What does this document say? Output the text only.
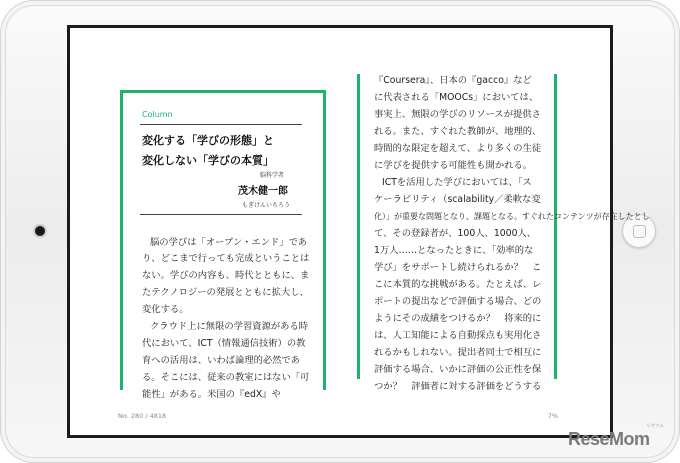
Column
変化する「学びの形態」と
変化しない「学びの本質」
脳科学者
茂木健一郎
もぎけんいちろう
脳の学びは「オープン・エンド」であ
り、どこまで行っても完成ということは
ない。学びの内容も、時代とともに、ま
たテクノロジーの発展とともに拡大し、
変化する。
クラウド上に無限の学習資源がある時
代において、ICT（情報通信技術）の教
育への活用は、いわば論理的必然であ
る。そこには、従来の教室にはない「可
能性」がある。米国の『edX』や
『Coursera』、日本の『gacco』など
に代表される「MOOCs」においては、
事実上、無限の学びのリソースが提供さ
れる。また、すぐれた教師が、地理的、
時間的な限定を超えて、より多くの生徒
に学びを提供する可能性も開かれる。
ICTを活用した学びにおいては、「ス
ケーラビリティ（scalability／柔軟な変
化）」が重要な問題となり、課題となる。すぐれたコンテンツが存在したとし
て、その登録者が、100人、1000人、
1万人……となったときに、「効率的な
学び」をサポートし続けられるか？　こ
こに本質的な挑戦がある。たとえば、レ
ポートの提出などで評価する場合、どの
ようにその成績をつけるか？　将来的に
は、人工知能による自動採点も実用化さ
れるかもしれない。提出者同士で相互に
評価する場合、いかに評価の公正性を保
つか？　評価者に対する評価をどうする
No. 280 / 4818	7%
ReseMom
リセマム
